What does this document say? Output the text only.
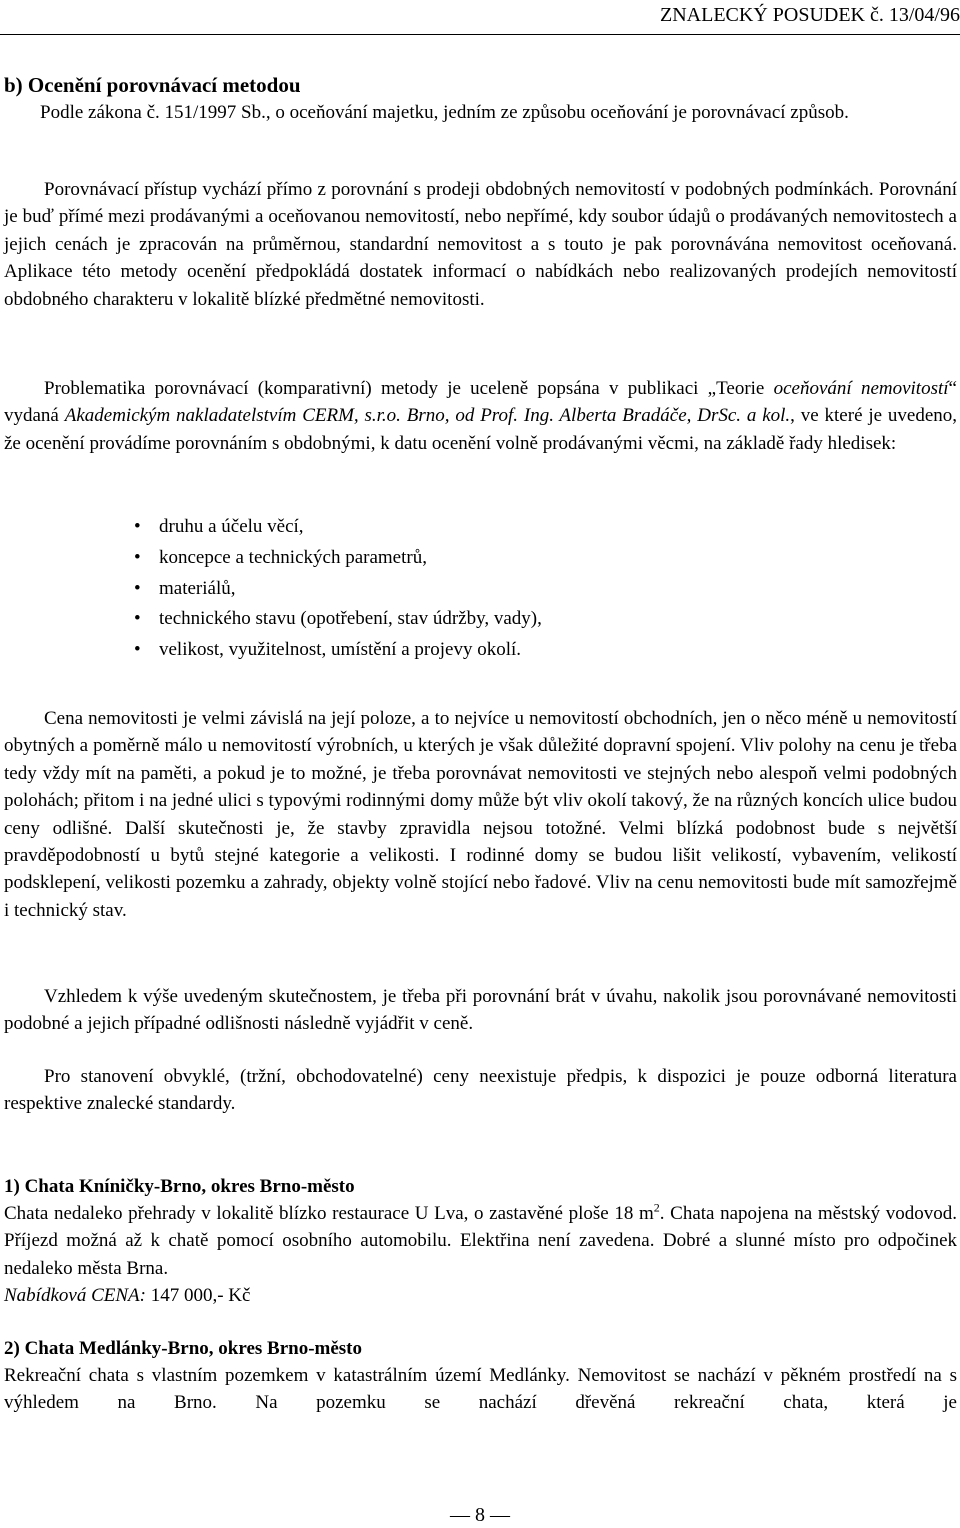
ZNALECKÝ POSUDEK č. 13/04/96
b) Ocenění porovnávací metodou

Podle zákona č. 151/1997 Sb., o oceňování majetku, jedním ze způsobu oceňování je porovnávací způsob.

Porovnávací přístup vychází přímo z porovnání s prodeji obdobných nemovitostí v podobných podmínkách. Porovnání je buď přímé mezi prodávanými a oceňovanou nemovitostí, nebo nepřímé, kdy soubor údajů o prodávaných nemovitostech a jejich cenách je zpracován na průměrnou, standardní nemovitost a s touto je pak porovnávána nemovitost oceňovaná. Aplikace této metody ocenění předpokládá dostatek informací o nabídkách nebo realizovaných prodejích nemovitostí obdobného charakteru v lokalitě blízké předmětné nemovitosti.

Problematika porovnávací (komparativní) metody je uceleně popsána v publikaci „Teorie oceňování nemovitostí“ vydaná Akademickým nakladatelstvím CERM, s.r.o. Brno, od Prof. Ing. Alberta Bradáče, DrSc. a kol., ve které je uvedeno, že ocenění provádíme porovnáním s obdobnými, k datu ocenění volně prodávanými věcmi, na základě řady hledisek:

• druhu a účelu věcí,
• koncepce a technických parametrů,
• materiálů,
• technického stavu (opotřebení, stav údržby, vady),
• velikost, využitelnost, umístění a projevy okolí.

Cena nemovitosti je velmi závislá na její poloze, a to nejvíce u nemovitostí obchodních, jen o něco méně u nemovitostí obytných a poměrně málo u nemovitostí výrobních, u kterých je však důležité dopravní spojení. Vliv polohy na cenu je třeba tedy vždy mít na paměti, a pokud je to možné, je třeba porovnávat nemovitosti ve stejných nebo alespoň velmi podobných polohách; přitom i na jedné ulici s typovými rodinnými domy může být vliv okolí takový, že na různých koncích ulice budou ceny odlišné. Další skutečnosti je, že stavby zpravidla nejsou totožné. Velmi blízká podobnost bude s největší pravděpodobností u bytů stejné kategorie a velikosti. I rodinné domy se budou lišit velikostí, vybavením, velikostí podsklepení, velikosti pozemku a zahrady, objekty volně stojící nebo řadové. Vliv na cenu nemovitosti bude mít samozřejmě i technický stav.

Vzhledem k výše uvedeným skutečnostem, je třeba při porovnání brát v úvahu, nakolik jsou porovnávané nemovitosti podobné a jejich případné odlišnosti následně vyjádřit v ceně.

Pro stanovení obvyklé, (tržní, obchodovatelné) ceny neexistuje předpis, k dispozici je pouze odborná literatura respektive znalecké standardy.

1) Chata Kníničky-Brno, okres Brno-město

Chata nedaleko přehrady v lokalitě blízko restaurace U Lva, o zastavěné ploše 18 $m^2$. Chata napojena na městský vodovod. Příjezd možná až k chatě pomocí osobního automobilu. Elektřina není zavedena. Dobré a slunné místo pro odpočinek nedaleko města Brna.

Nabídková CENA: 147 000,- Kč

2) Chata Medlánky-Brno, okres Brno-město

Rekreační chata s vlastním pozemkem v katastrálním území Medlánky. Nemovitost se nachází v pěkném prostředí na s výhledem na Brno. Na pozemku se nachází dřevěná rekreační chata, která je

— 8 —
